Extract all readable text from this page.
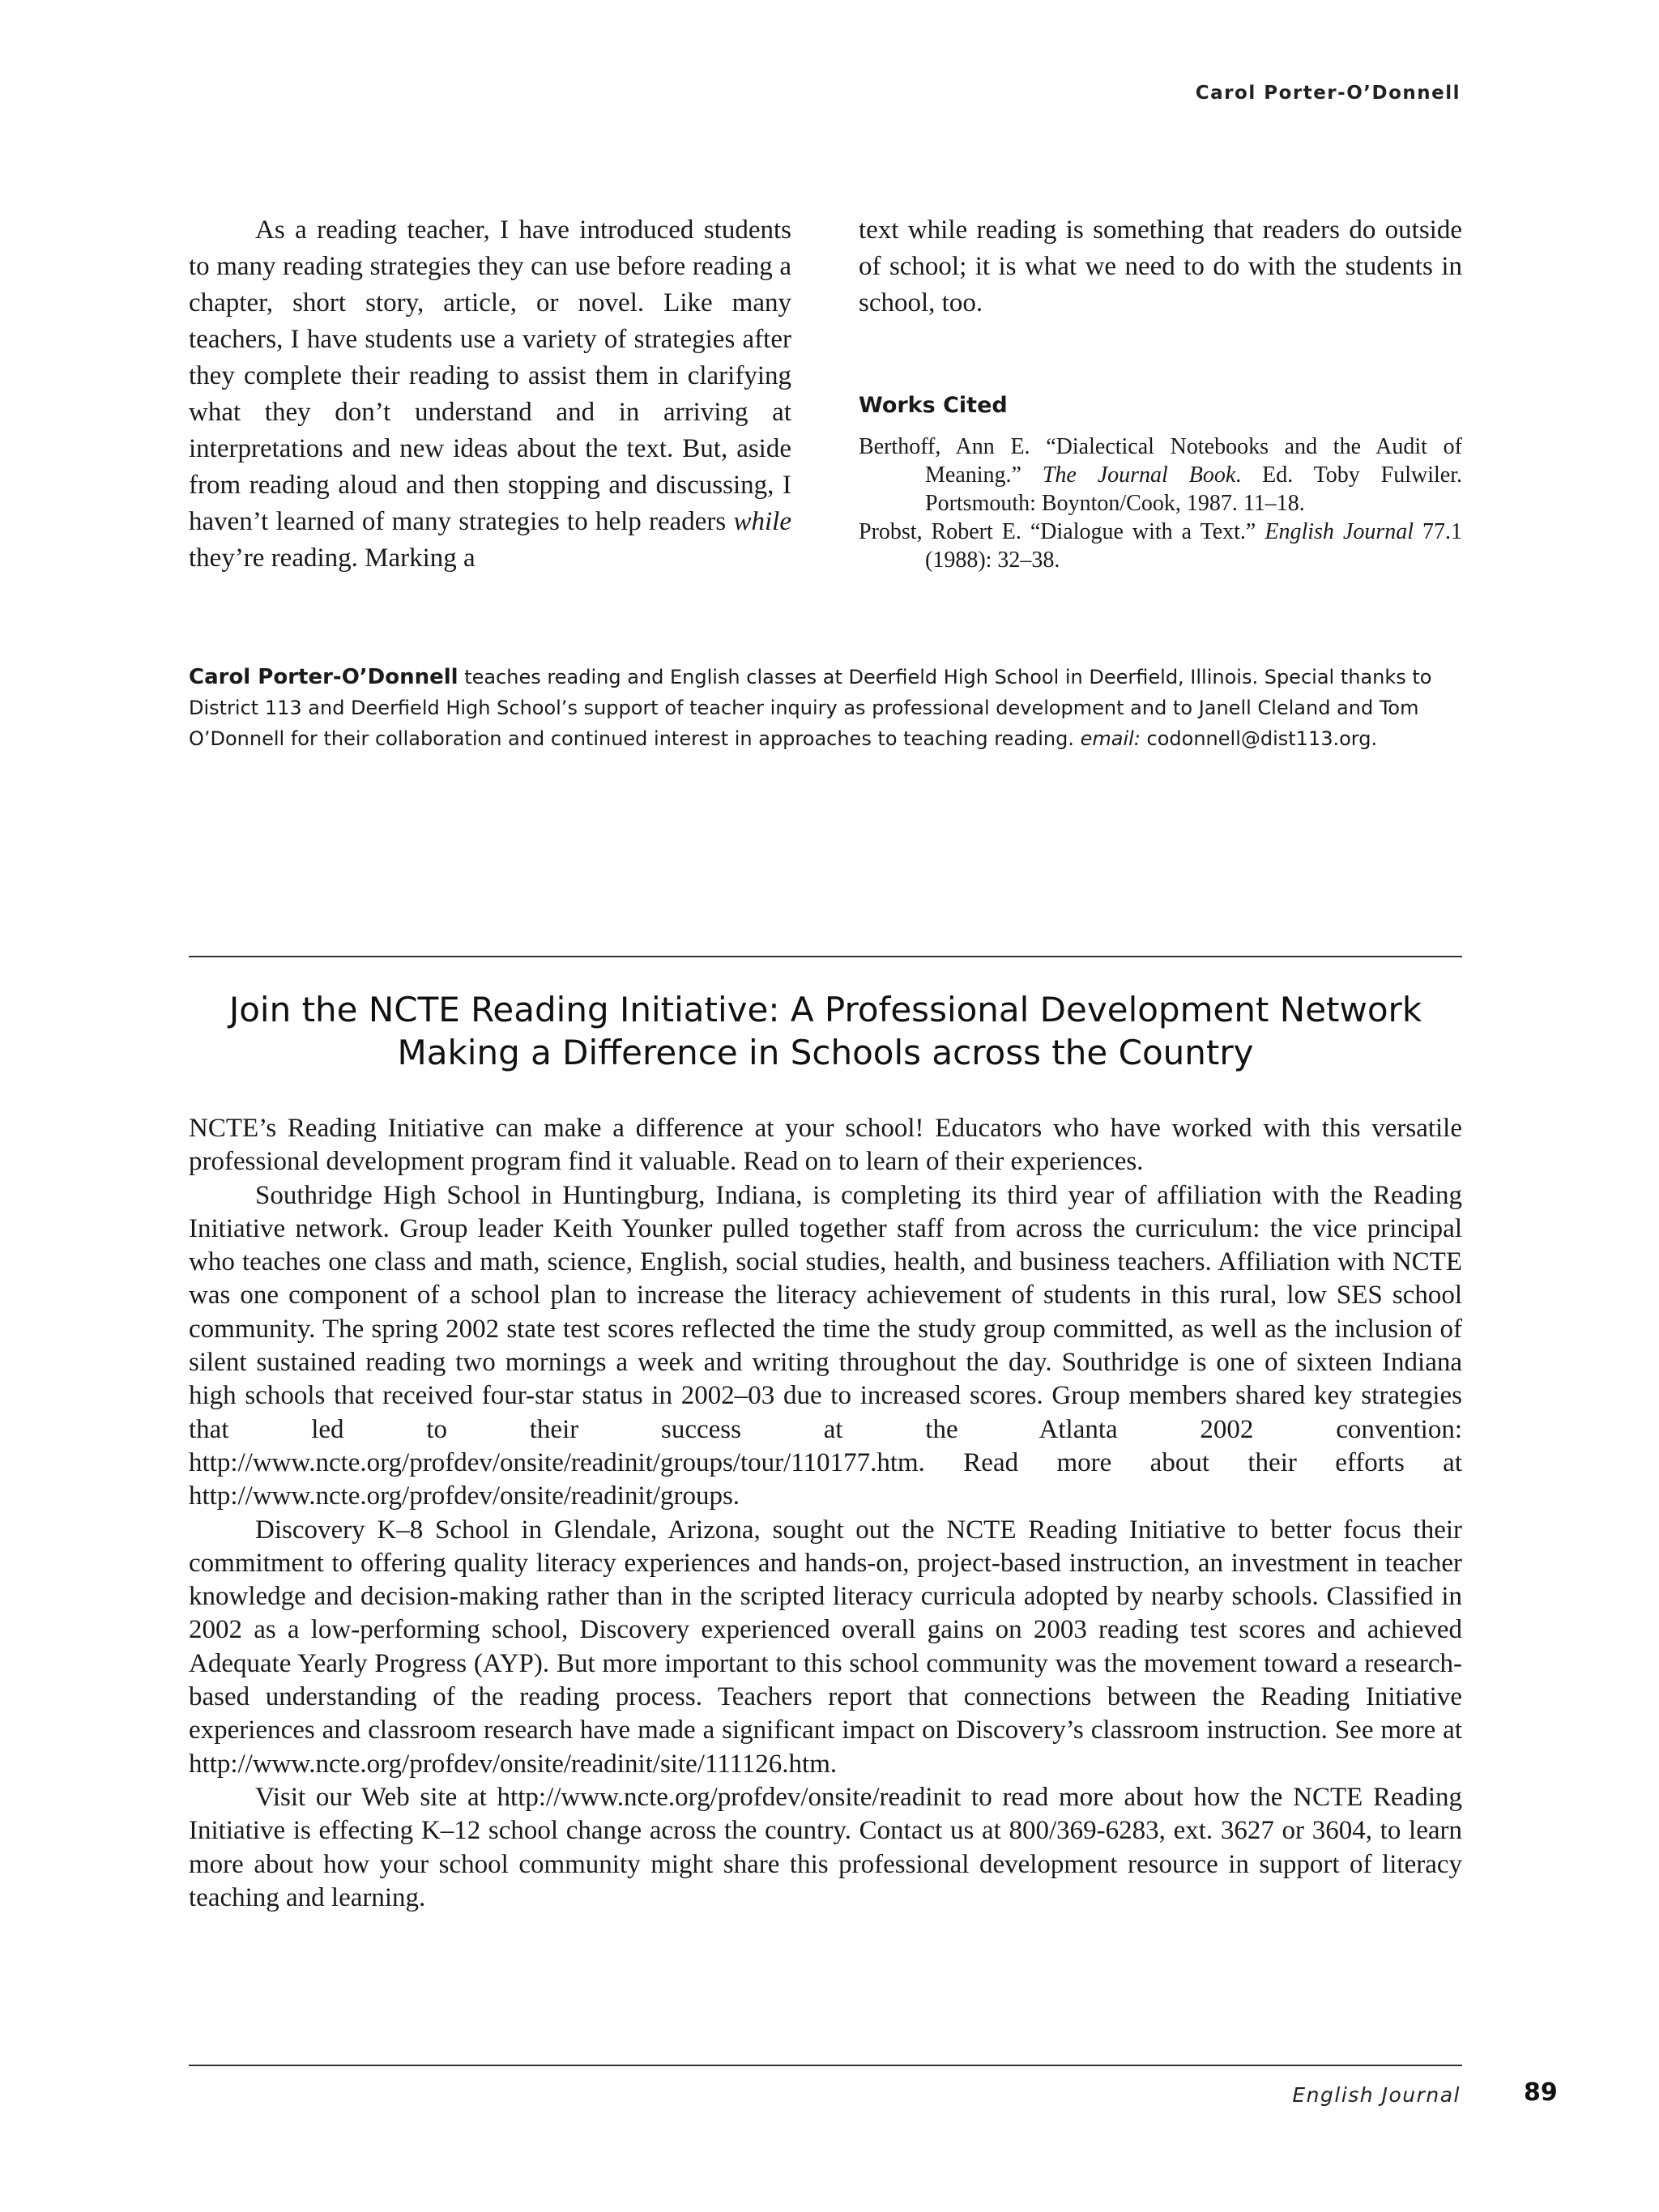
Carol Porter-O’Donnell

As a reading teacher, I have introduced students to many reading strategies they can use before reading a chapter, short story, article, or novel. Like many teachers, I have students use a variety of strategies after they complete their reading to assist them in clarifying what they don’t understand and in arriving at interpretations and new ideas about the text. But, aside from reading aloud and then stopping and discussing, I haven’t learned of many strategies to help readers while they’re reading. Marking a

text while reading is something that readers do outside of school; it is what we need to do with the students in school, too.

Works Cited

Berthoff, Ann E. “Dialectical Notebooks and the Audit of Meaning.” The Journal Book. Ed. Toby Fulwiler. Portsmouth: Boynton/Cook, 1987. 11–18.

Probst, Robert E. “Dialogue with a Text.” English Journal 77.1 (1988): 32–38.

Carol Porter-O’Donnell teaches reading and English classes at Deerfield High School in Deerfield, Illinois. Special thanks to District 113 and Deerfield High School’s support of teacher inquiry as professional development and to Janell Cleland and Tom O’Donnell for their collaboration and continued interest in approaches to teaching reading. email: codonnell@dist113.org.
Join the NCTE Reading Initiative: A Professional Development Network
Making a Difference in Schools across the Country

NCTE’s Reading Initiative can make a difference at your school! Educators who have worked with this versatile professional development program find it valuable. Read on to learn of their experiences.

Southridge High School in Huntingburg, Indiana, is completing its third year of affiliation with the Reading Initiative network. Group leader Keith Younker pulled together staff from across the curriculum: the vice principal who teaches one class and math, science, English, social studies, health, and business teachers. Affiliation with NCTE was one component of a school plan to increase the literacy achievement of students in this rural, low SES school community. The spring 2002 state test scores reflected the time the study group committed, as well as the inclusion of silent sustained reading two mornings a week and writing throughout the day. Southridge is one of sixteen Indiana high schools that received four-star status in 2002–03 due to increased scores. Group members shared key strategies that led to their success at the Atlanta 2002 convention: http://www.ncte.org/profdev/onsite/readinit/groups/tour/110177.htm. Read more about their efforts at http://www.ncte.org/profdev/onsite/readinit/groups.

Discovery K–8 School in Glendale, Arizona, sought out the NCTE Reading Initiative to better focus their commitment to offering quality literacy experiences and hands-on, project-based instruction, an investment in teacher knowledge and decision-making rather than in the scripted literacy curricula adopted by nearby schools. Classified in 2002 as a low-performing school, Discovery experienced overall gains on 2003 reading test scores and achieved Adequate Yearly Progress (AYP). But more important to this school community was the movement toward a research-based understanding of the reading process. Teachers report that connections between the Reading Initiative experiences and classroom research have made a significant impact on Discovery’s classroom instruction. See more at http://www.ncte.org/profdev/onsite/readinit/site/111126.htm.

Visit our Web site at http://www.ncte.org/profdev/onsite/readinit to read more about how the NCTE Reading Initiative is effecting K–12 school change across the country. Contact us at 800/369-6283, ext. 3627 or 3604, to learn more about how your school community might share this professional development resource in support of literacy teaching and learning.

English Journal	89
